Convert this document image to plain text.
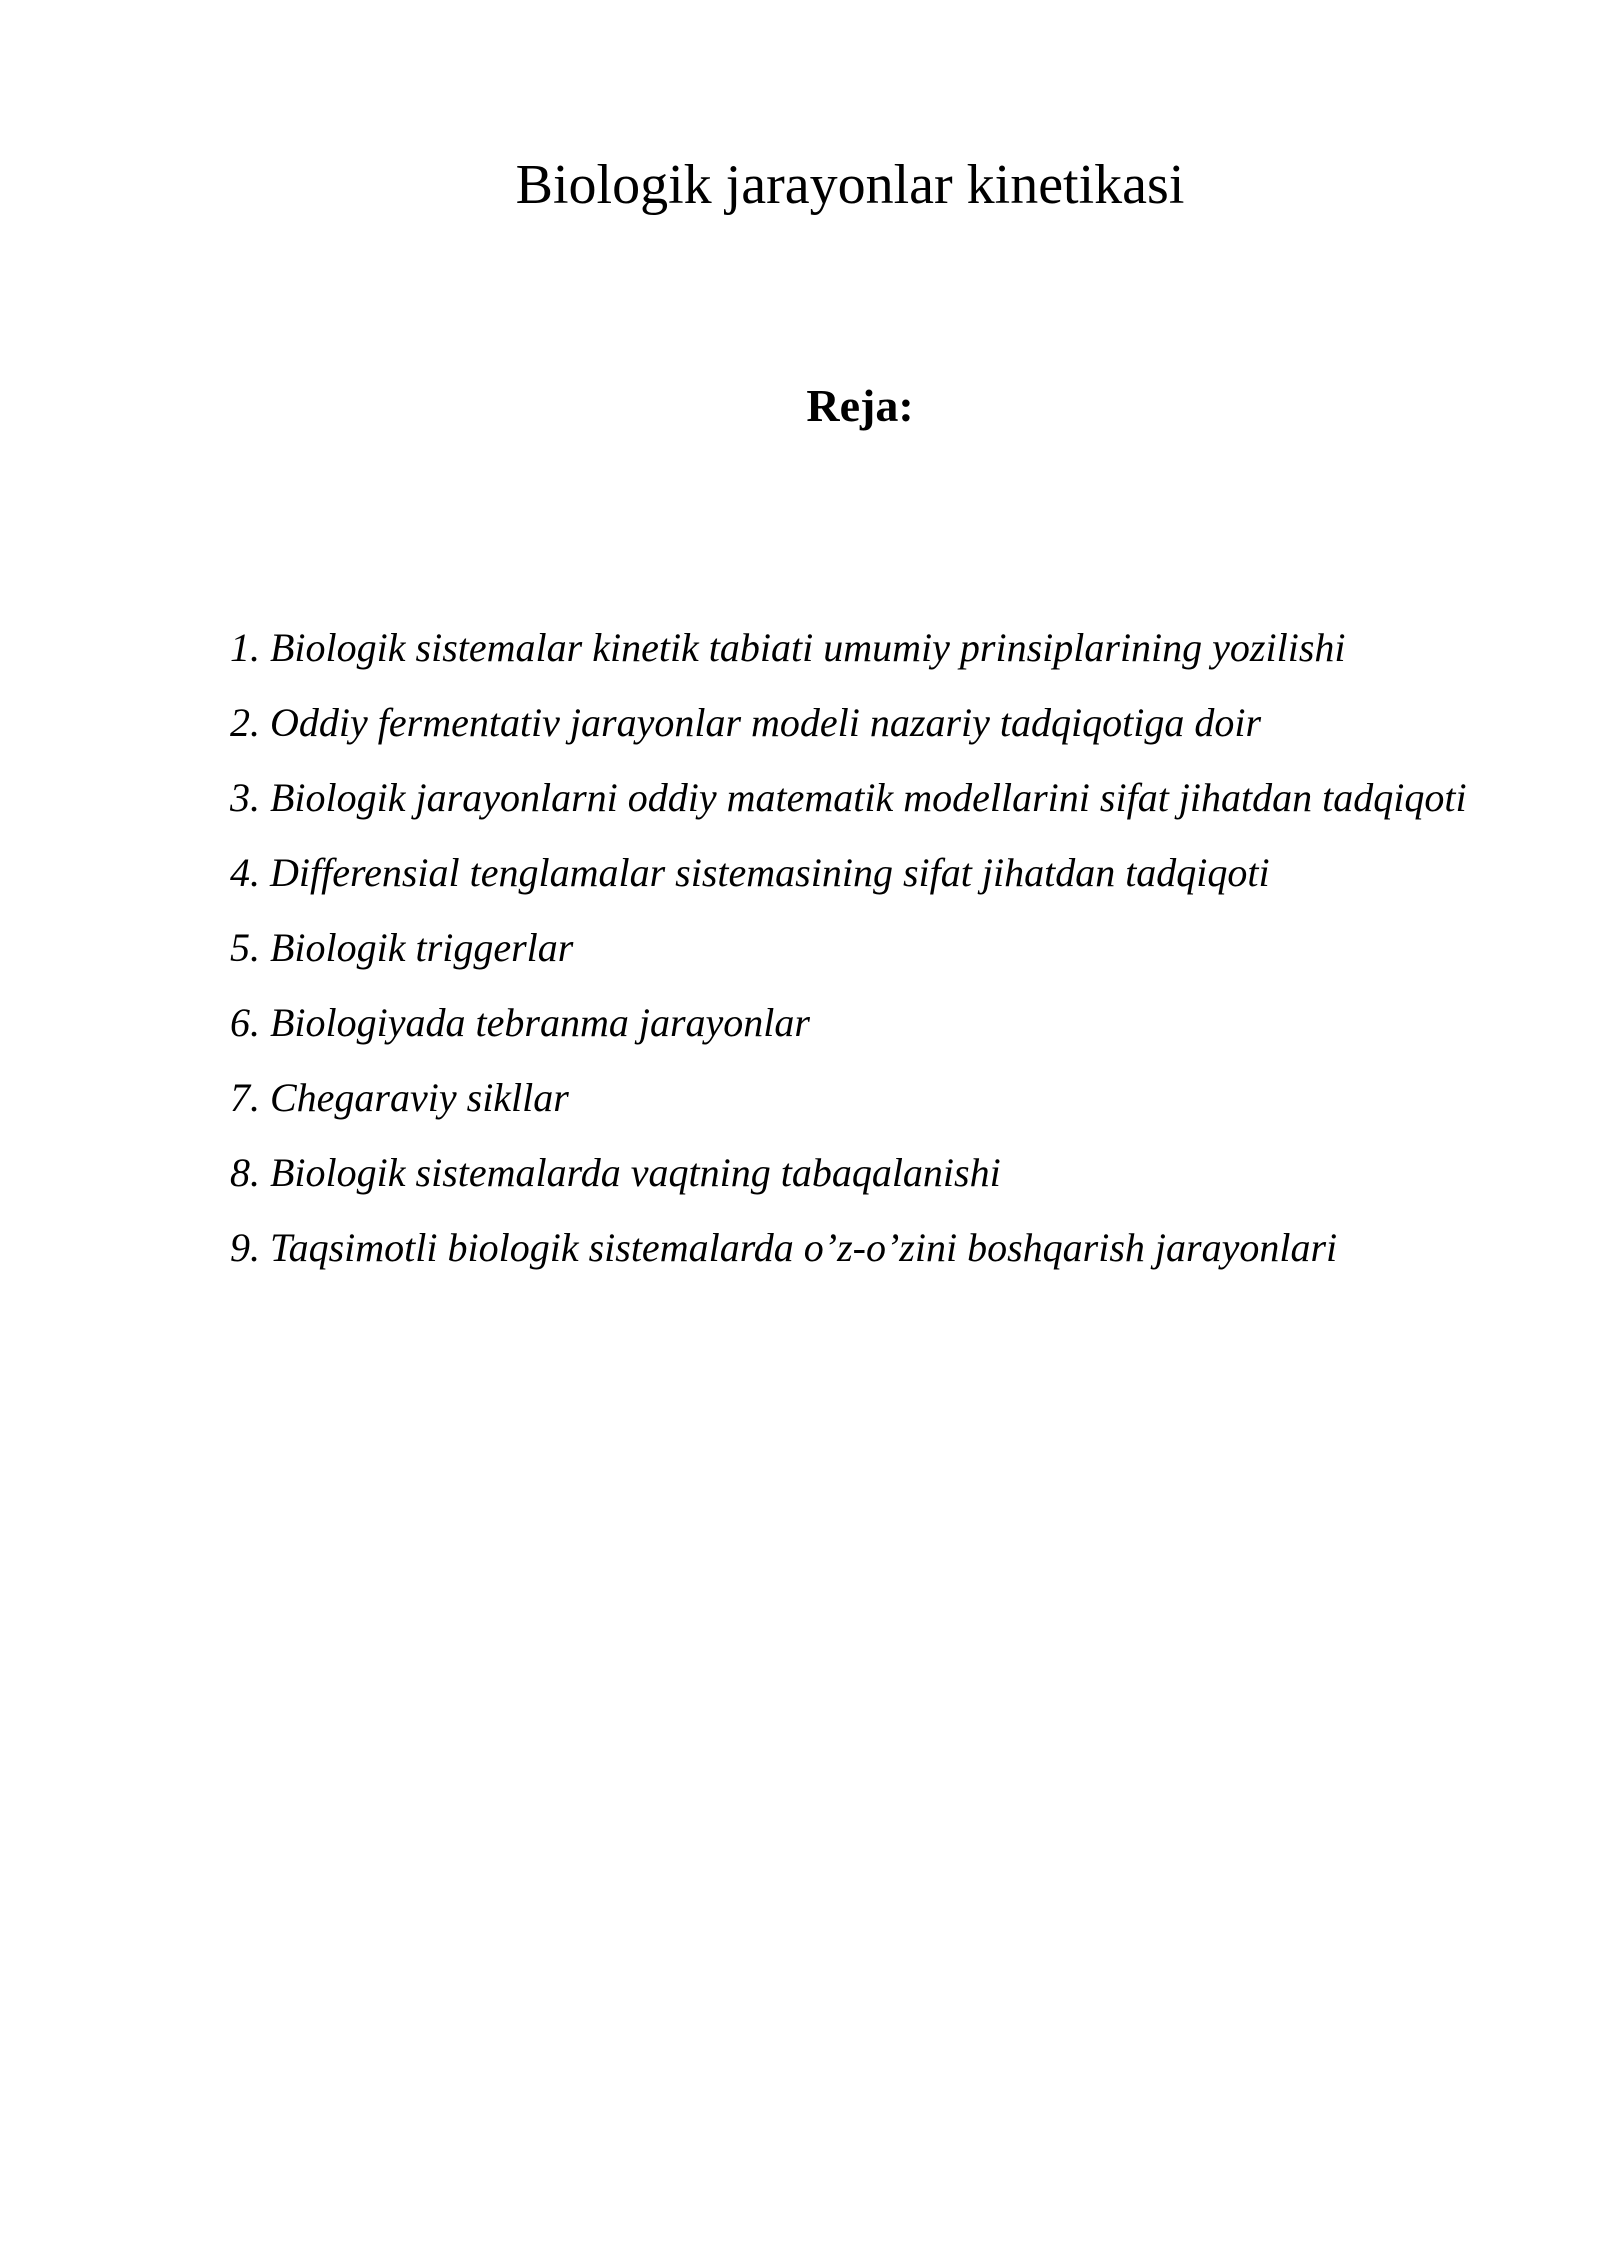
Biologik jarayonlar kinetikasi
Reja:
1. Biologik sistemalar kinetik tabiati umumiy prinsiplarining yozilishi
2. Oddiy fermentativ jarayonlar modeli nazariy tadqiqotiga doir
3. Biologik jarayonlarni oddiy matematik modellarini sifat jihatdan tadqiqoti
4. Differensial tenglamalar sistemasining sifat jihatdan tadqiqoti
5. Biologik triggerlar
6. Biologiyada tebranma jarayonlar
7. Chegaraviy sikllar
8. Biologik sistemalarda vaqtning tabaqalanishi
9. Taqsimotli biologik sistemalarda o’z-o’zini boshqarish jarayonlari
